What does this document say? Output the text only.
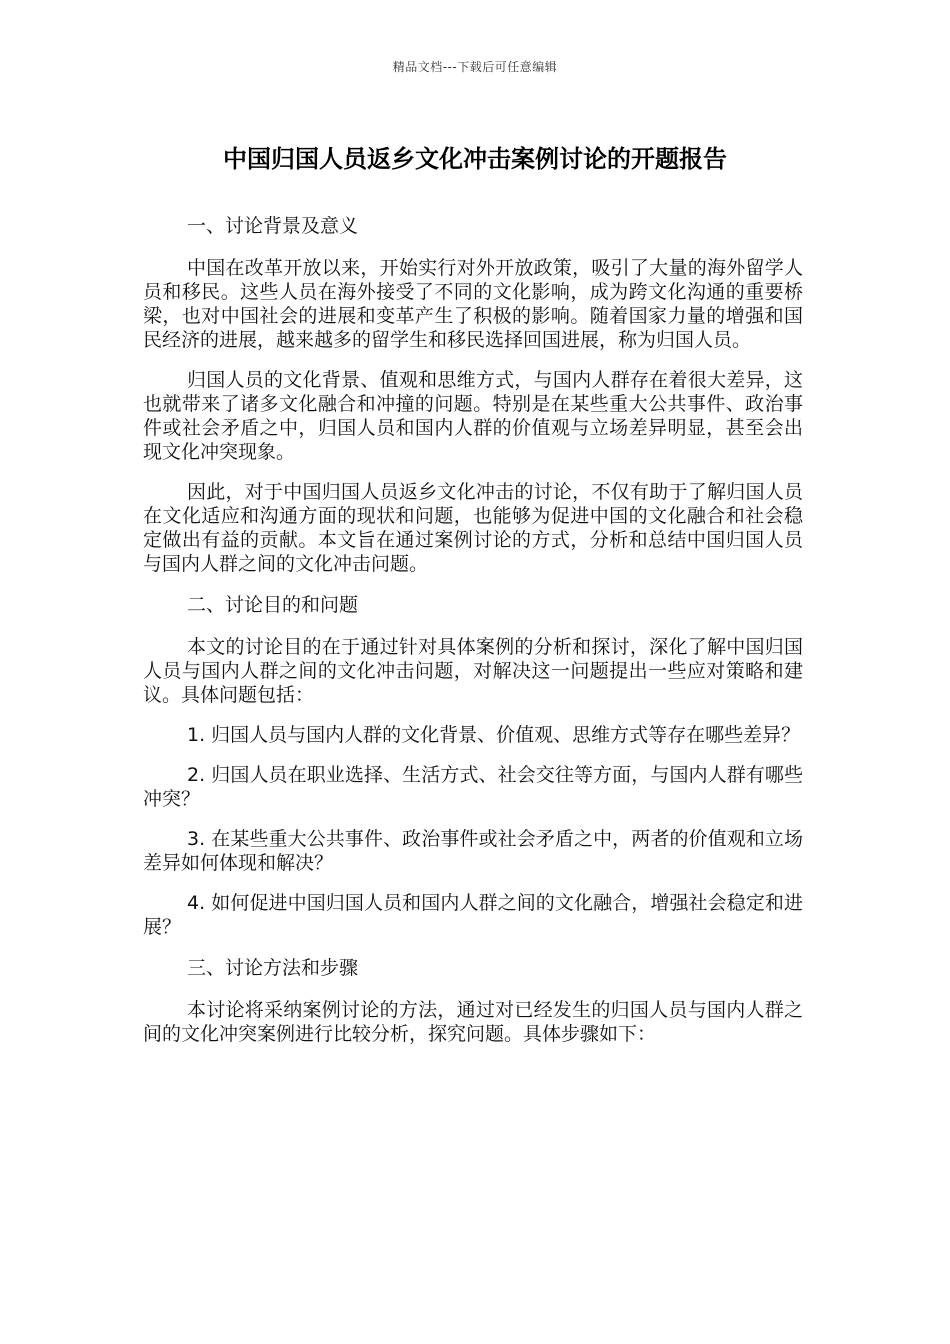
精品文档---下载后可任意编辑
中国归国人员返乡文化冲击案例讨论的开题报告
一、讨论背景及意义

中国在改革开放以来，开始实行对外开放政策，吸引了大量的海外留学人员和移民。这些人员在海外接受了不同的文化影响，成为跨文化沟通的重要桥梁，也对中国社会的进展和变革产生了积极的影响。随着国家力量的增强和国民经济的进展，越来越多的留学生和移民选择回国进展，称为归国人员。

归国人员的文化背景、值观和思维方式，与国内人群存在着很大差异，这也就带来了诸多文化融合和冲撞的问题。特别是在某些重大公共事件、政治事件或社会矛盾之中，归国人员和国内人群的价值观与立场差异明显，甚至会出现文化冲突现象。

因此，对于中国归国人员返乡文化冲击的讨论，不仅有助于了解归国人员在文化适应和沟通方面的现状和问题，也能够为促进中国的文化融合和社会稳定做出有益的贡献。本文旨在通过案例讨论的方式，分析和总结中国归国人员与国内人群之间的文化冲击问题。

二、讨论目的和问题

本文的讨论目的在于通过针对具体案例的分析和探讨，深化了解中国归国人员与国内人群之间的文化冲击问题，对解决这一问题提出一些应对策略和建议。具体问题包括：

1. 归国人员与国内人群的文化背景、价值观、思维方式等存在哪些差异？

2. 归国人员在职业选择、生活方式、社会交往等方面，与国内人群有哪些冲突？

3. 在某些重大公共事件、政治事件或社会矛盾之中，两者的价值观和立场差异如何体现和解决？

4. 如何促进中国归国人员和国内人群之间的文化融合，增强社会稳定和进展？

三、讨论方法和步骤

本讨论将采纳案例讨论的方法，通过对已经发生的归国人员与国内人群之间的文化冲突案例进行比较分析，探究问题。具体步骤如下：
